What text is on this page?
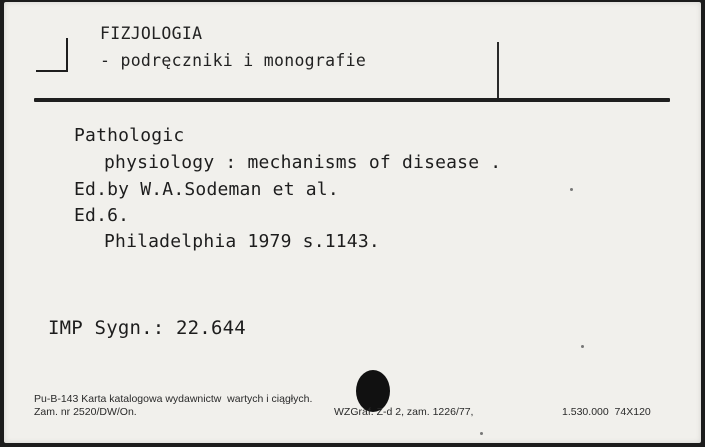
FIZJOLOGIA
- podręczniki i monografie
Pathologic
physiology : mechanisms of disease .
Ed.by W.A.Sodeman et al.
Ed.6.
Philadelphia 1979 s.1143.
IMP Sygn.: 22.644
Pu-B-143 Karta katalogowa wydawnictw  wartych i ciągłych.
Zam. nr 2520/DW/On.	WZGraf. Z-d 2, zam. 1226/77,	1.530.000  74X120
